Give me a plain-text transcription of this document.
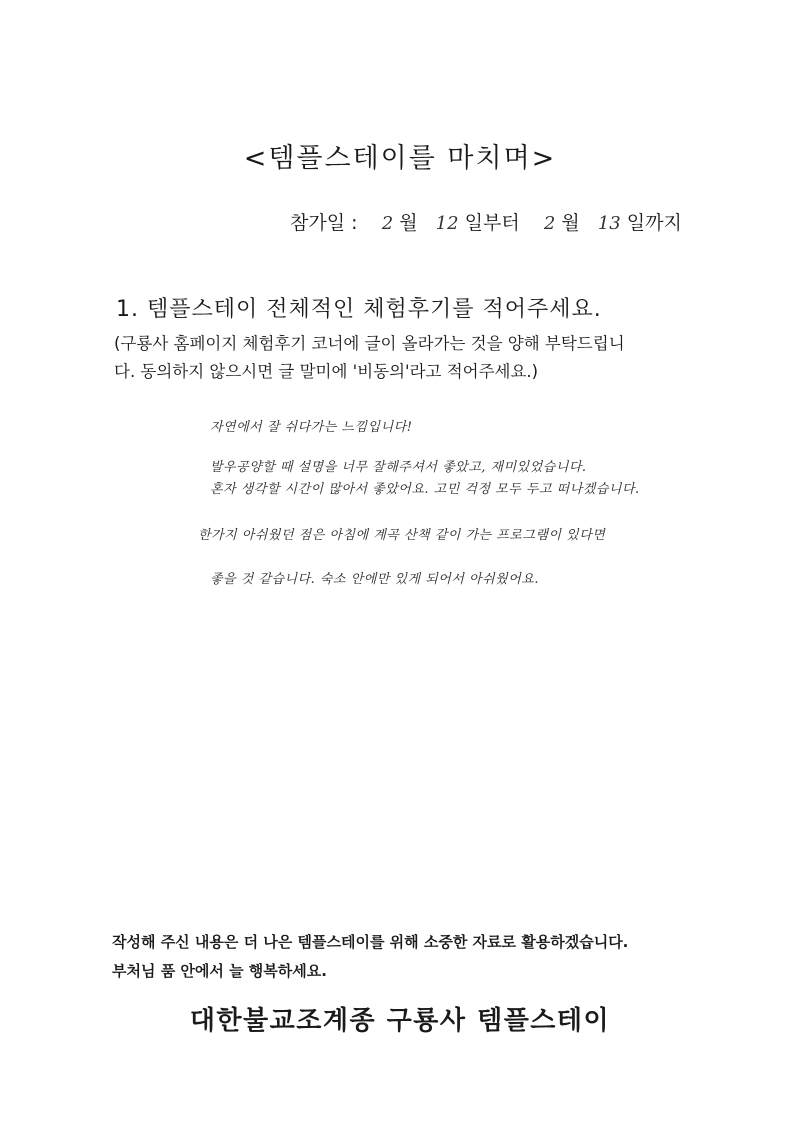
<템플스테이를 마치며>
참가일 : 2 월 12 일부터 2 월 13 일까지
1. 템플스테이 전체적인 체험후기를 적어주세요.
(구룡사 홈페이지 체험후기 코너에 글이 올라가는 것을 양해 부탁드립니
다. 동의하지 않으시면 글 말미에 '비동의'라고 적어주세요.)
자연에서 잘 쉬다가는 느낌입니다!
발우공양할 때 설명을 너무 잘해주셔서 좋았고, 재미있었습니다.
혼자 생각할 시간이 많아서 좋았어요. 고민 걱정 모두 두고 떠나겠습니다.
한가지 아쉬웠던 점은 아침에 계곡 산책 같이 가는 프로그램이 있다면
좋을 것 같습니다. 숙소 안에만 있게 되어서 아쉬웠어요.
작성해 주신 내용은 더 나은 템플스테이를 위해 소중한 자료로 활용하겠습니다.
부처님 품 안에서 늘 행복하세요.
대한불교조계종 구룡사 템플스테이
